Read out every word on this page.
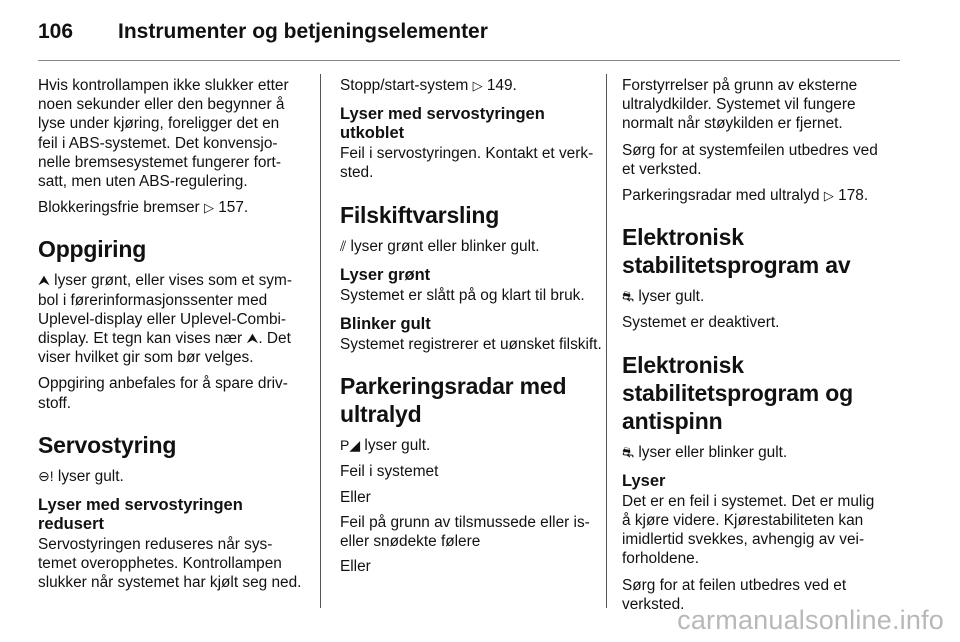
106	Instrumenter og betjeningselementer

Hvis kontrollampen ikke slukker etter noen sekunder eller den begynner å lyse under kjøring, foreligger det en feil i ABS-systemet. Det konvensjonelle bremsesystemet fungerer fortsatt, men uten ABS-regulering.

Blokkeringsfrie bremser ▷ 157.

Oppgiring

⮝ lyser grønt, eller vises som et symbol i førerinformasjonssenter med Uplevel-display eller Uplevel-Combi-display. Et tegn kan vises nær ⮝. Det viser hvilket gir som bør velges.

Oppgiring anbefales for å spare drivstoff.

Servostyring

⊖! lyser gult.

Lyser med servostyringen redusert

Servostyringen reduseres når systemet overopphetes. Kontrollampen slukker når systemet har kjølt seg ned.

Stopp/start-system ▷ 149.

Lyser med servostyringen utkoblet

Feil i servostyringen. Kontakt et verksted.

Filskiftvarsling

⫽ lyser grønt eller blinker gult.

Lyser grønt

Systemet er slått på og klart til bruk.

Blinker gult

Systemet registrerer et uønsket filskift.

Parkeringsradar med ultralyd

P◢ lyser gult.

Feil i systemet

Eller

Feil på grunn av tilsmussede eller is- eller snødekte følere

Eller

Forstyrrelser på grunn av eksterne ultralydkilder. Systemet vil fungere normalt når støykilden er fjernet.

Sørg for at systemfeilen utbedres ved et verksted.

Parkeringsradar med ultralyd ▷ 178.

Elektronisk stabilitetsprogram av

⛐ lyser gult.

Systemet er deaktivert.

Elektronisk stabilitetsprogram og antispinn

⛐ lyser eller blinker gult.

Lyser

Det er en feil i systemet. Det er mulig å kjøre videre. Kjørestabiliteten kan imidlertid svekkes, avhengig av veiforholdene.

Sørg for at feilen utbedres ved et verksted.

carmanualsonline.info
